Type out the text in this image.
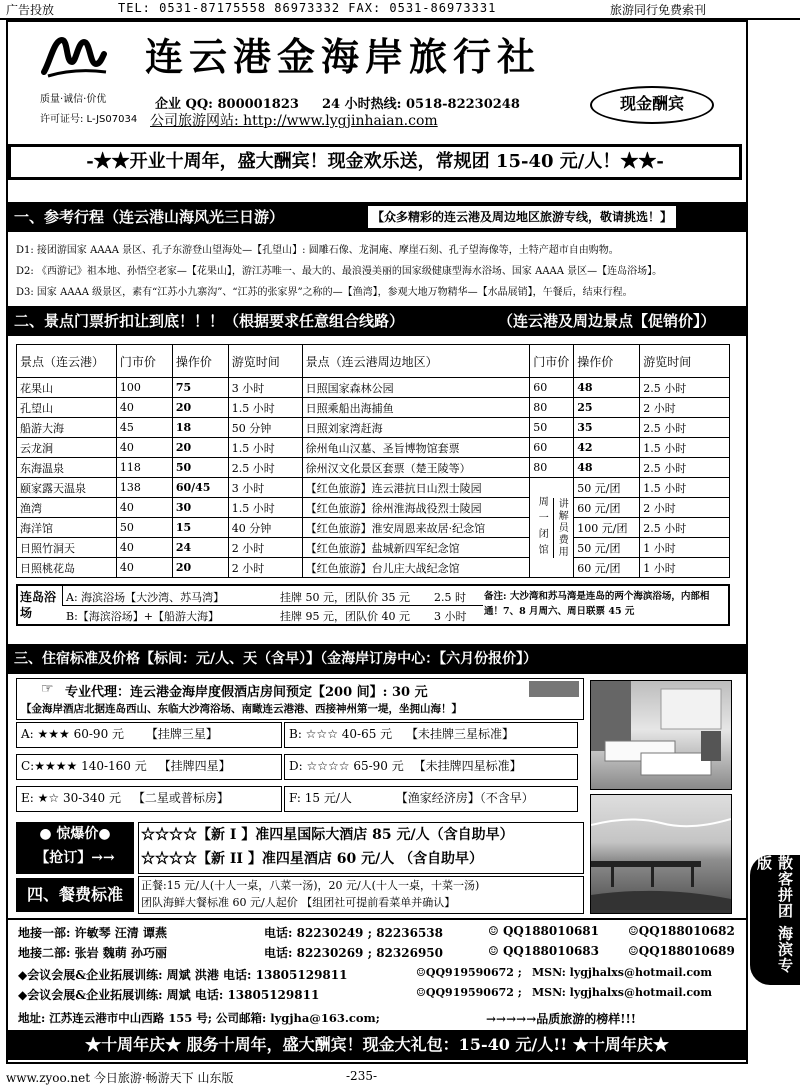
广告投放	TEL: 0531-87175558 86973332 FAX: 0531-86973331	旅游同行免费索刊
质量·诚信·价优
许可证号: L-JS07034
连云港金海岸旅行社
企业 QQ: 800001823 24 小时热线: 0518-82230248
公司旅游网站: http://www.lygjinhaian.com
现金酬宾
-★★开业十周年，盛大酬宾！现金欢乐送，常规团 15-40 元/人！★★-
一、参考行程（连云港山海风光三日游）	【众多精彩的连云港及周边地区旅游专线，敬请挑选！】
D1: 接团游国家 AAAA 景区、孔子东游登山望海处—【孔望山】: 圆雕石像、龙洞庵、摩崖石刻、孔子望海像等，土特产超市自由购物。
D2: 《西游记》祖本地、孙悟空老家—【花果山】，游江苏唯一、最大的、最浪漫美丽的国家级健康型海水浴场、国家 AAAA 景区—【连岛浴场】。
D3: 国家 AAAA 级景区，素有“江苏小九寨沟”、“江苏的张家界”之称的—【渔湾】，参观大地万物精华—【水晶展销】，午餐后，结束行程。
二、景点门票折扣让到底！！！（根据要求任意组合线路）	（连云港及周边景点【促销价】）
景点（连云港）	门市价	操作价	游览时间	景点（连云港周边地区）	门市价	操作价	游览时间
花果山	100	75	3 小时	日照国家森林公园	60	48	2.5 小时
孔望山	40	20	1.5 小时	日照乘船出海捕鱼	80	25	2 小时
船游大海	45	18	50 分钟	日照刘家湾赶海	50	35	2.5 小时
云龙涧	40	20	1.5 小时	徐州龟山汉墓、圣旨博物馆套票	60	42	1.5 小时
东海温泉	118	50	2.5 小时	徐州汉文化景区套票（楚王陵等）	80	48	2.5 小时
颐家露天温泉	138	60/45	3 小时	【红色旅游】连云港抗日山烈士陵园	周一闭馆 讲解员费用	50 元/团	1.5 小时
渔湾	40	30	1.5 小时	【红色旅游】徐州淮海战役烈士陵园		60 元/团	2 小时
海洋馆	50	15	40 分钟	【红色旅游】淮安周恩来故居·纪念馆		100 元/团	2.5 小时
日照竹洞天	40	24	2 小时	【红色旅游】盐城新四军纪念馆		50 元/团	1 小时
日照桃花岛	40	20	2 小时	【红色旅游】台儿庄大战纪念馆		60 元/团	1 小时
连岛浴场
A: 海滨浴场【大沙湾、苏马湾】	挂牌 50 元，团队价 35 元 2.5 时
B:【海滨浴场】+【船游大海】	挂牌 95 元，团队价 40 元 3 小时
备注: 大沙湾和苏马湾是连岛的两个海滨浴场，内部相通！7、8 月周六、周日联票 45 元
三、住宿标准及价格【标间：元/人、天（含早）】（金海岸订房中心：【六月份报价】）
☞ 专业代理：连云港金海岸度假酒店房间预定【200 间】: 30 元
【金海岸酒店北据连岛西山、东临大沙湾浴场、南瞰连云港港、西接神州第一堤，坐拥山海！】
A: ★★★ 60-90 元 【挂牌三星】	B: ☆☆☆ 40-65 元 【未挂牌三星标准】
C:★★★★ 140-160 元 【挂牌四星】	D: ☆☆☆☆ 65-90 元 【未挂牌四星标准】
E: ★☆ 30-340 元 【二星或普标房】	F: 15 元/人	【渔家经济房】（不含早）
● 惊爆价●
【抢订】→→
☆☆☆☆【新 I 】准四星国际大酒店 85 元/人（含自助早）
☆☆☆☆【新 II 】准四星酒店 60 元/人 （含自助早）
四、餐费标准	正餐:15 元/人(十人一桌，八菜一汤)，20 元/人(十人一桌，十菜一汤)
团队海鲜大餐标准 60 元/人起价 【组团社可提前看菜单并确认】
地接一部: 许敏琴 汪清 谭燕	电话: 82230249 ; 82236538	☺ QQ188010681 ☺QQ188010682
地接二部: 张岩 魏萌 孙巧丽	电话: 82230269 ; 82326950	☺ QQ188010683 ☺QQ188010689
◆会议会展&企业拓展训练: 周斌 洪港 电话: 13805129811	☺QQ919590672 ; MSN: lygjhalxs@hotmail.com
◆会议会展&企业拓展训练: 周斌 电话: 13805129811	☺QQ919590672 ; MSN: lygjhalxs@hotmail.com
地址: 江苏连云港市中山西路 155 号; 公司邮箱: lygjha@163.com;	→→→→→品质旅游的榜样!!!
★十周年庆★ 服务十周年，盛大酬宾！现金大礼包：15-40 元/人!! ★十周年庆★
散客拼团 海滨专版
www.zyoo.net 今日旅游·畅游天下 山东版	-235-
